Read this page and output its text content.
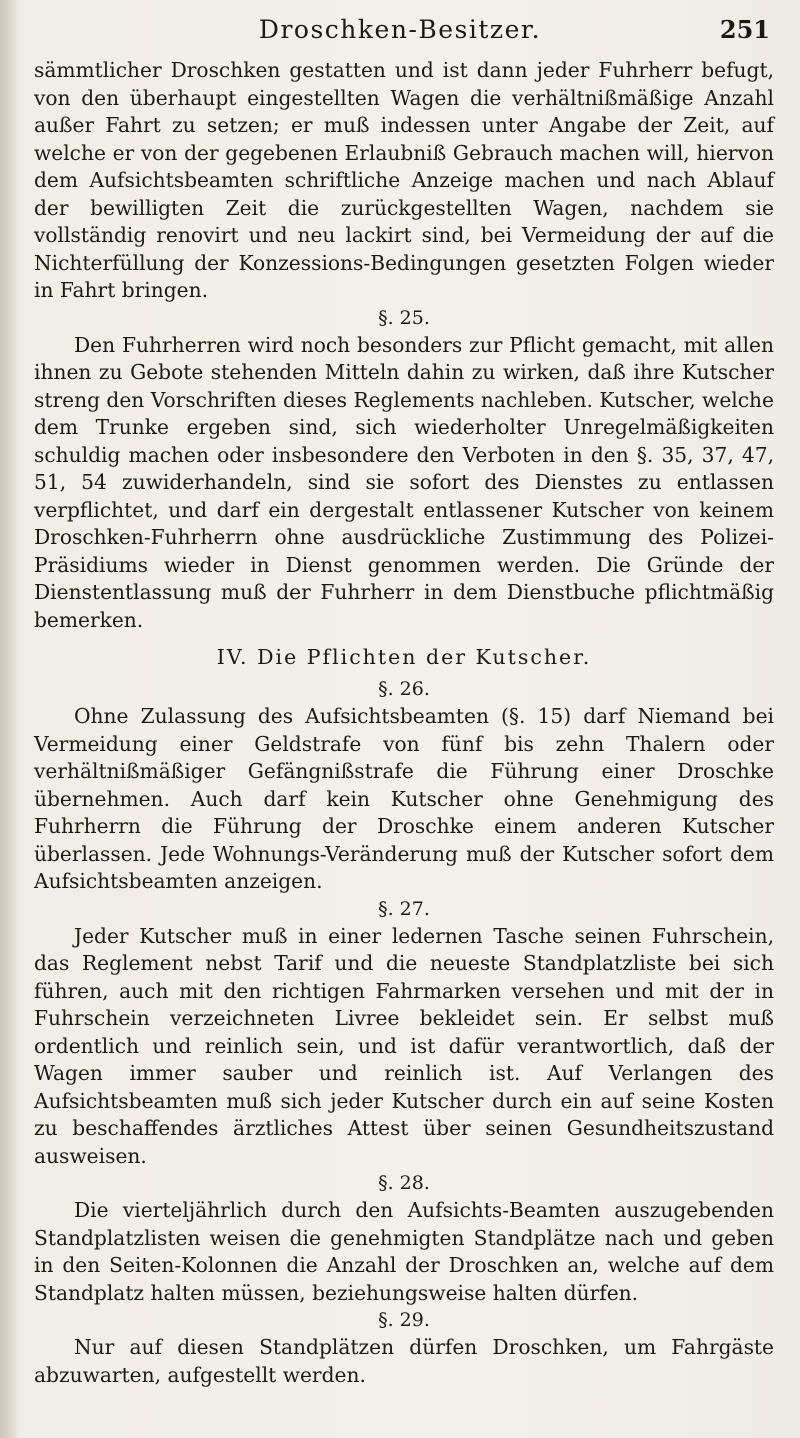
Droschken-Besitzer.	251

sämmtlicher Droschken gestatten und ist dann jeder Fuhrherr befugt, von den überhaupt eingestellten Wagen die verhältnißmäßige Anzahl außer Fahrt zu setzen; er muß indessen unter Angabe der Zeit, auf welche er von der gegebenen Erlaubniß Gebrauch machen will, hiervon dem Aufsichtsbeamten schriftliche Anzeige machen und nach Ablauf der bewilligten Zeit die zurückgestellten Wagen, nachdem sie vollständig renovirt und neu lackirt sind, bei Vermeidung der auf die Nichterfüllung der Konzessions-Bedingungen gesetzten Folgen wieder in Fahrt bringen.

§. 25.

Den Fuhrherren wird noch besonders zur Pflicht gemacht, mit allen ihnen zu Gebote stehenden Mitteln dahin zu wirken, daß ihre Kutscher streng den Vorschriften dieses Reglements nachleben. Kutscher, welche dem Trunke ergeben sind, sich wiederholter Unregelmäßigkeiten schuldig machen oder insbesondere den Verboten in den §. 35, 37, 47, 51, 54 zuwiderhandeln, sind sie sofort des Dienstes zu entlassen verpflichtet, und darf ein dergestalt entlassener Kutscher von keinem Droschken-Fuhrherrn ohne ausdrückliche Zustimmung des Polizei-Präsidiums wieder in Dienst genommen werden. Die Gründe der Dienstentlassung muß der Fuhrherr in dem Dienstbuche pflichtmäßig bemerken.

IV. Die Pflichten der Kutscher.

§. 26.

Ohne Zulassung des Aufsichtsbeamten (§. 15) darf Niemand bei Vermeidung einer Geldstrafe von fünf bis zehn Thalern oder verhältnißmäßiger Gefängnißstrafe die Führung einer Droschke übernehmen. Auch darf kein Kutscher ohne Genehmigung des Fuhrherrn die Führung der Droschke einem anderen Kutscher überlassen. Jede Wohnungs-Veränderung muß der Kutscher sofort dem Aufsichtsbeamten anzeigen.

§. 27.

Jeder Kutscher muß in einer ledernen Tasche seinen Fuhrschein, das Reglement nebst Tarif und die neueste Standplatzliste bei sich führen, auch mit den richtigen Fahrmarken versehen und mit der in Fuhrschein verzeichneten Livree bekleidet sein. Er selbst muß ordentlich und reinlich sein, und ist dafür verantwortlich, daß der Wagen immer sauber und reinlich ist. Auf Verlangen des Aufsichtsbeamten muß sich jeder Kutscher durch ein auf seine Kosten zu beschaffendes ärztliches Attest über seinen Gesundheitszustand ausweisen.

§. 28.

Die vierteljährlich durch den Aufsichts-Beamten auszugebenden Standplatzlisten weisen die genehmigten Standplätze nach und geben in den Seiten-Kolonnen die Anzahl der Droschken an, welche auf dem Standplatz halten müssen, beziehungsweise halten dürfen.

§. 29.

Nur auf diesen Standplätzen dürfen Droschken, um Fahrgäste abzuwarten, aufgestellt werden.
